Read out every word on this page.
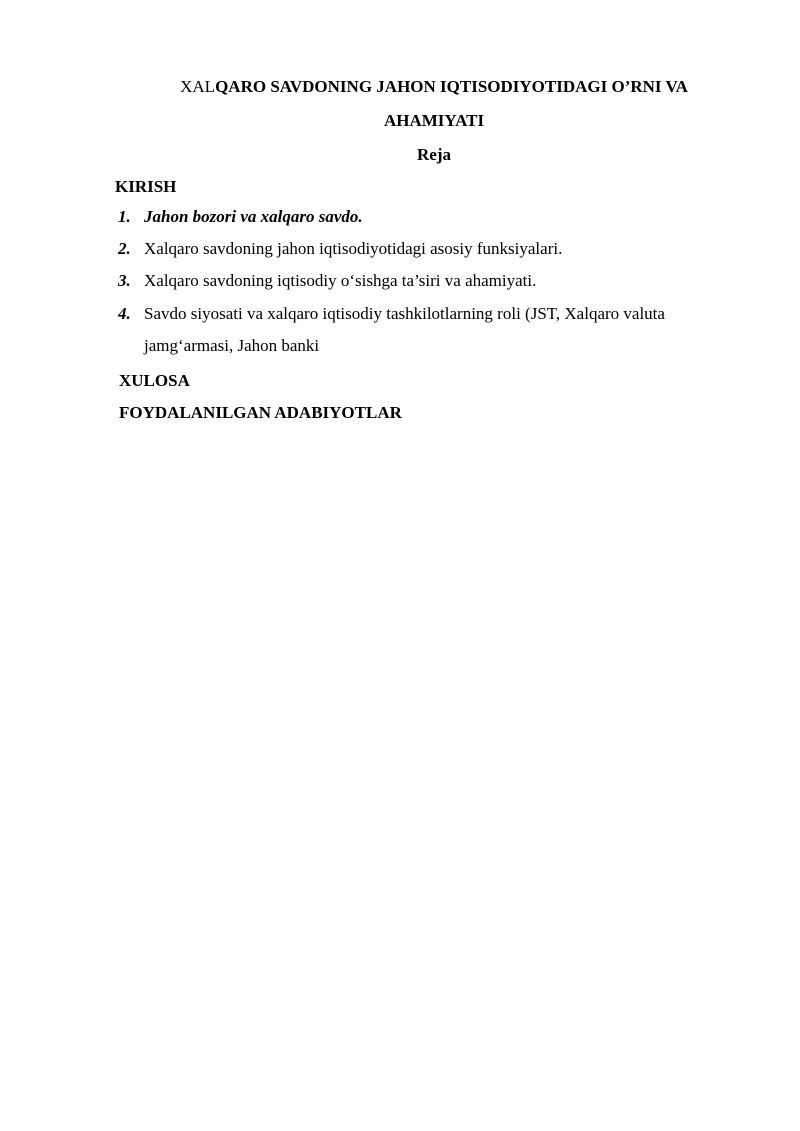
XALQARO SAVDONING JAHON IQTISODIYOTIDAGI O’RNI VA
AHAMIYATI
Reja
KIRISH
1. Jahon bozori va xalqaro savdo.
2. Xalqaro savdoning jahon iqtisodiyotidagi asosiy funksiyalari.
3. Xalqaro savdoning iqtisodiy o‘sishga ta’siri va ahamiyati.
4. Savdo siyosati va xalqaro iqtisodiy tashkilotlarning roli (JST, Xalqaro valuta jamg‘armasi, Jahon banki
XULOSA
FOYDALANILGAN ADABIYOTLAR
